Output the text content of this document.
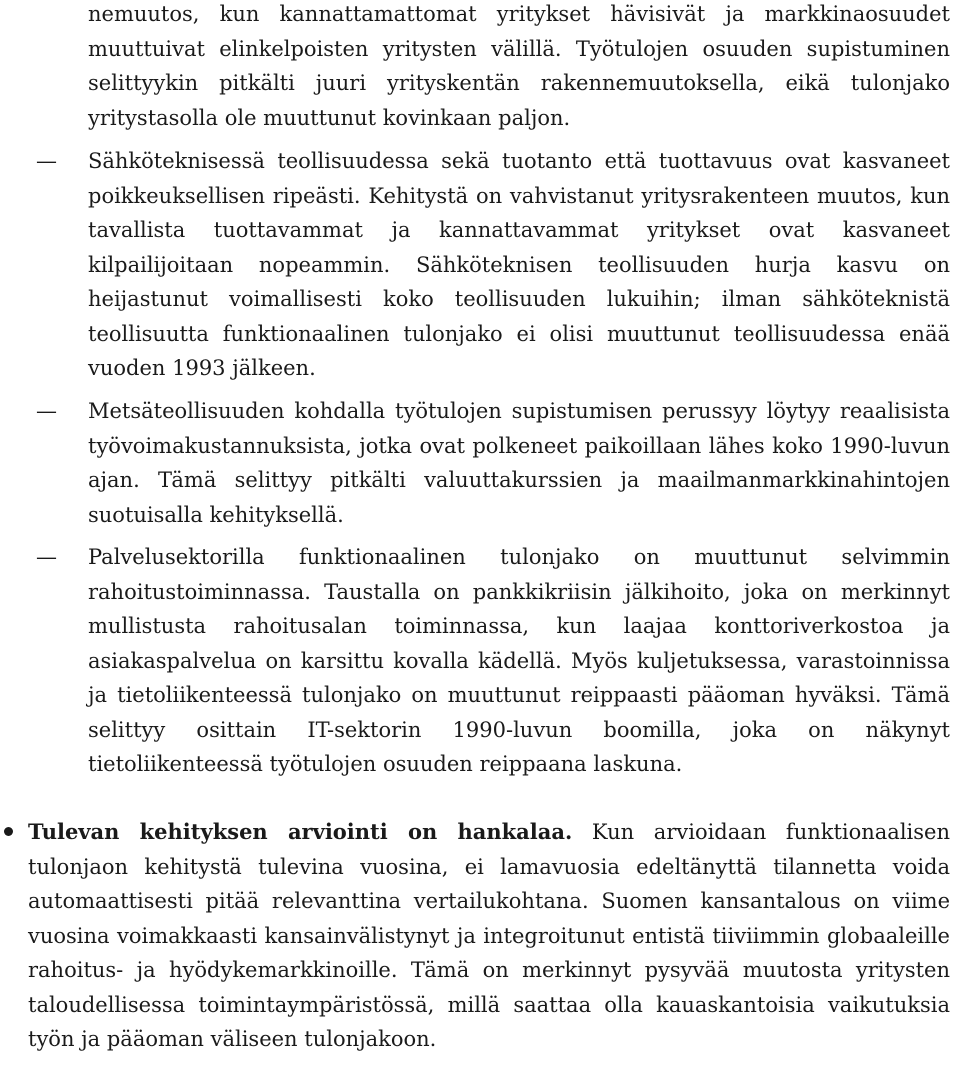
nemuutos, kun kannattamattomat yritykset hävisivät ja markkinaosuudet muuttuivat elinkelpoisten yritysten välillä. Työtulojen osuuden supistuminen selittyykin pitkälti juuri yrityskentän rakennemuutoksella, eikä tulonjako yritystasolla ole muuttunut kovinkaan paljon.

— Sähköteknisessä teollisuudessa sekä tuotanto että tuottavuus ovat kasvaneet poikkeuksellisen ripeästi. Kehitystä on vahvistanut yritysrakenteen muutos, kun tavallista tuottavammat ja kannattavammat yritykset ovat kasvaneet kilpailijoitaan nopeammin. Sähköteknisen teollisuuden hurja kasvu on heijastunut voimallisesti koko teollisuuden lukuihin; ilman sähköteknistä teollisuutta funktionaalinen tulonjako ei olisi muuttunut teollisuudessa enää vuoden 1993 jälkeen.

— Metsäteollisuuden kohdalla työtulojen supistumisen perussyy löytyy reaalisista työvoimakustannuksista, jotka ovat polkeneet paikoillaan lähes koko 1990-luvun ajan. Tämä selittyy pitkälti valuuttakurssien ja maailmanmarkkinahintojen suotuisalla kehityksellä.

— Palvelusektorilla funktionaalinen tulonjako on muuttunut selvimmin rahoitustoiminnassa. Taustalla on pankkikriisin jälkihoito, joka on merkinnyt mullistusta rahoitusalan toiminnassa, kun laajaa konttoriverkostoa ja asiakaspalvelua on karsittu kovalla kädellä. Myös kuljetuksessa, varastoinnissa ja tietoliikenteessä tulonjako on muuttunut reippaasti pääoman hyväksi. Tämä selittyy osittain IT-sektorin 1990-luvun boomilla, joka on näkynyt tietoliikenteessä työtulojen osuuden reippaana laskuna.

Tulevan kehityksen arviointi on hankalaa. Kun arvioidaan funktionaalisen tulonjaon kehitystä tulevina vuosina, ei lamavuosia edeltänyttä tilannetta voida automaattisesti pitää relevanttina vertailukohtana. Suomen kansantalous on viime vuosina voimakkaasti kansainvälistynyt ja integroitunut entistä tiiviimmin globaaleille rahoitus- ja hyödykemarkkinoille. Tämä on merkinnyt pysyvää muutosta yritysten taloudellisessa toimintaympäristössä, millä saattaa olla kauaskantoisia vaikutuksia työn ja pääoman väliseen tulonjakoon.
